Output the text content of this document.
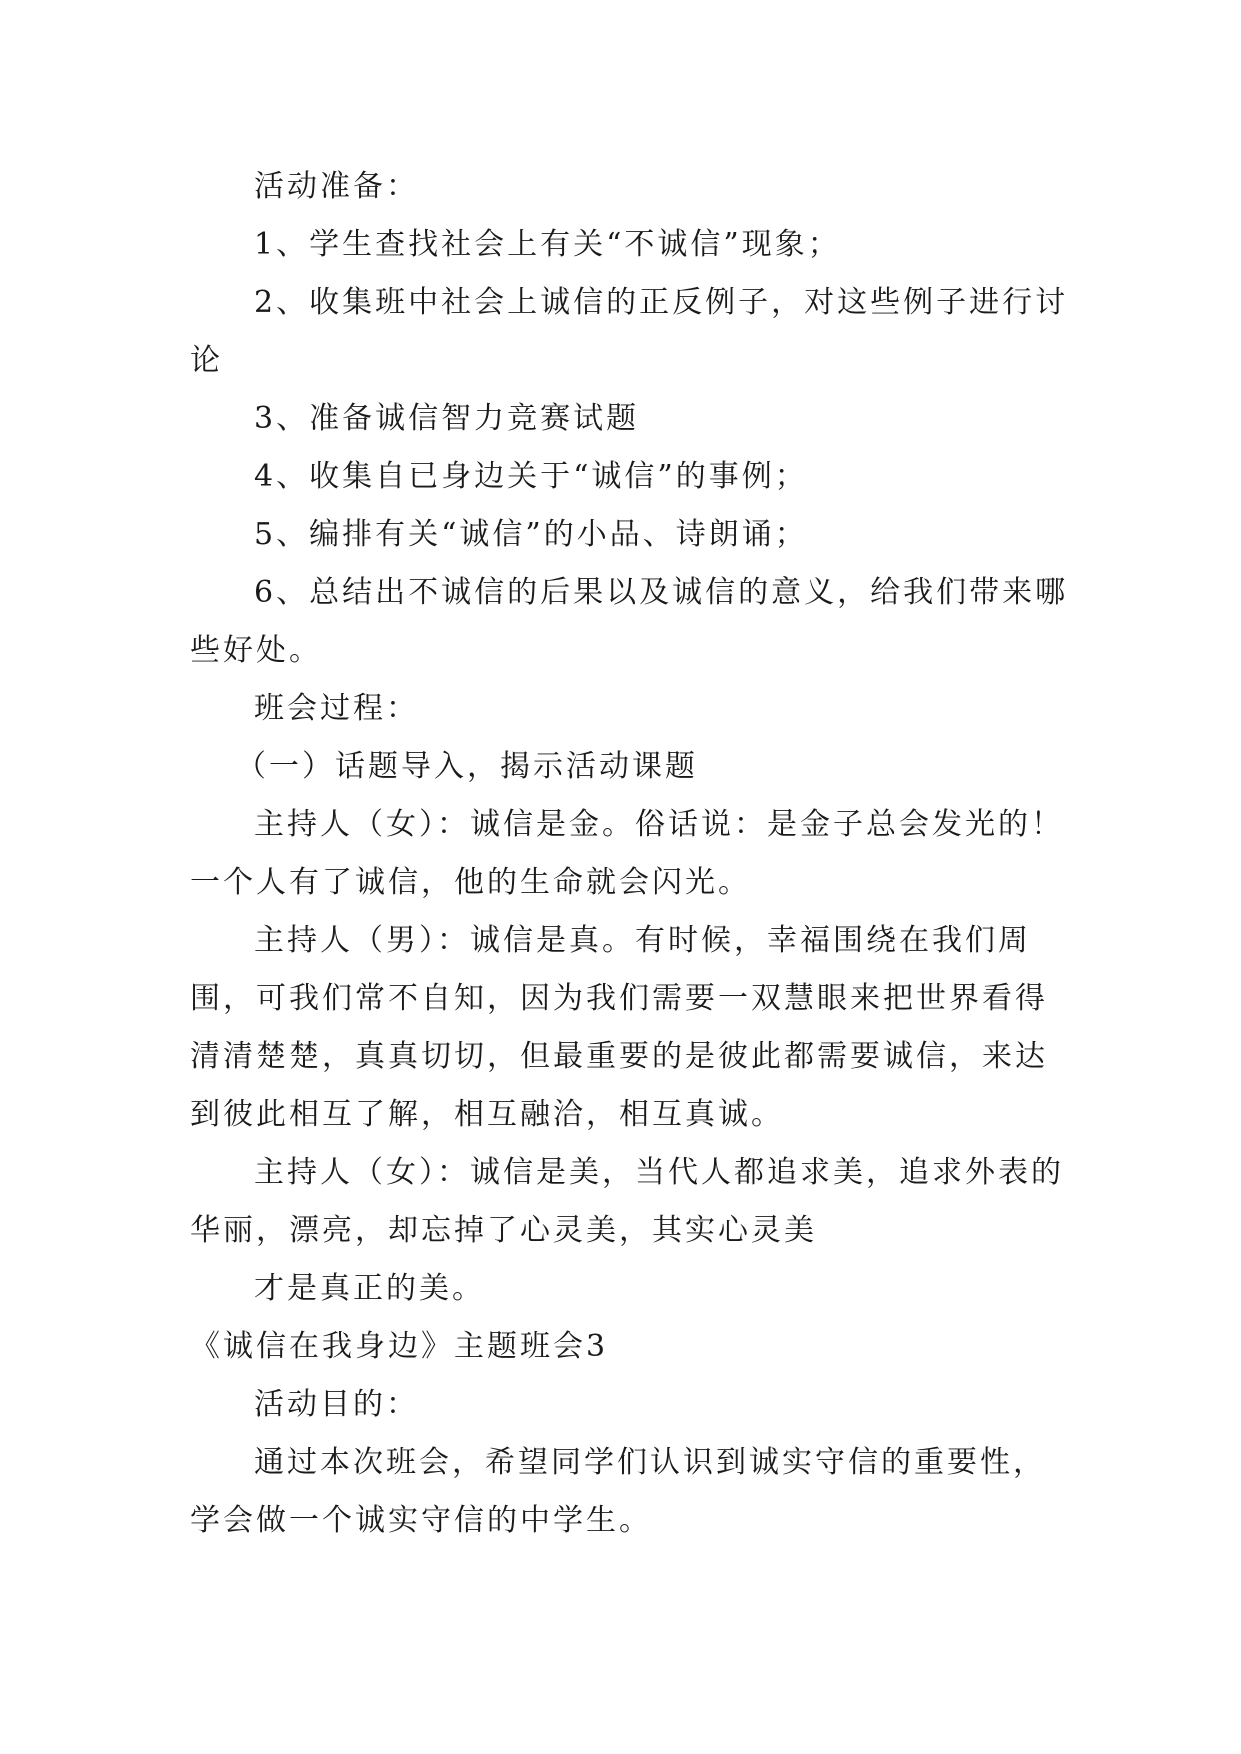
活动准备：

1、学生查找社会上有关“不诚信”现象；

2、收集班中社会上诚信的正反例子，对这些例子进行讨论

3、准备诚信智力竞赛试题

4、收集自已身边关于“诚信”的事例；

5、编排有关“诚信”的小品、诗朗诵；

6、总结出不诚信的后果以及诚信的意义，给我们带来哪些好处。

班会过程：

（一）话题导入，揭示活动课题

主持人（女）：诚信是金。俗话说：是金子总会发光的！一个人有了诚信，他的生命就会闪光。

主持人（男）：诚信是真。有时候，幸福围绕在我们周围，可我们常不自知，因为我们需要一双慧眼来把世界看得清清楚楚，真真切切，但最重要的是彼此都需要诚信，来达到彼此相互了解，相互融洽，相互真诚。

主持人（女）：诚信是美，当代人都追求美，追求外表的华丽，漂亮，却忘掉了心灵美，其实心灵美

才是真正的美。

《诚信在我身边》主题班会3

活动目的：

通过本次班会，希望同学们认识到诚实守信的重要性，学会做一个诚实守信的中学生。
